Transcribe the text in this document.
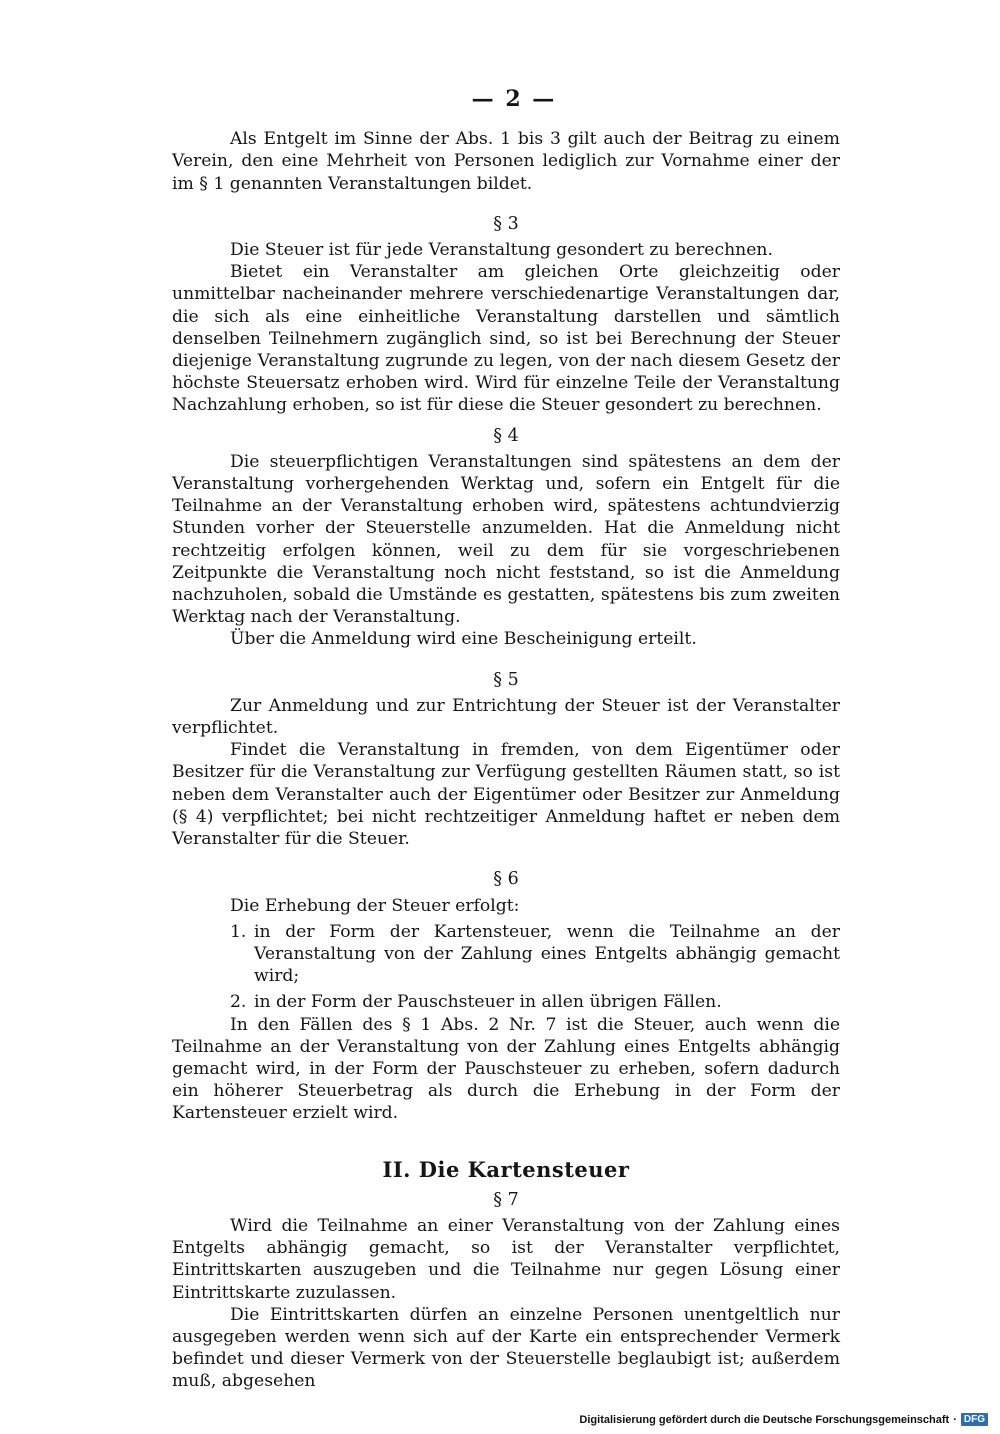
— 2 —

Als Entgelt im Sinne der Abs. 1 bis 3 gilt auch der Beitrag zu einem Verein, den eine Mehrheit von Personen lediglich zur Vornahme einer der im § 1 genannten Veranstaltungen bildet.

§ 3

Die Steuer ist für jede Veranstaltung gesondert zu berechnen.

Bietet ein Veranstalter am gleichen Orte gleichzeitig oder unmittelbar nacheinander mehrere verschiedenartige Veranstaltungen dar, die sich als eine einheitliche Veranstaltung darstellen und sämtlich denselben Teilnehmern zugänglich sind, so ist bei Berechnung der Steuer diejenige Veranstaltung zugrunde zu legen, von der nach diesem Gesetz der höchste Steuersatz erhoben wird. Wird für einzelne Teile der Veranstaltung Nachzahlung erhoben, so ist für diese die Steuer gesondert zu berechnen.

§ 4

Die steuerpflichtigen Veranstaltungen sind spätestens an dem der Veranstaltung vorhergehenden Werktag und, sofern ein Entgelt für die Teilnahme an der Veranstaltung erhoben wird, spätestens achtundvierzig Stunden vorher der Steuerstelle anzumelden. Hat die Anmeldung nicht rechtzeitig erfolgen können, weil zu dem für sie vorgeschriebenen Zeitpunkte die Veranstaltung noch nicht feststand, so ist die Anmeldung nachzuholen, sobald die Umstände es gestatten, spätestens bis zum zweiten Werktag nach der Veranstaltung.

Über die Anmeldung wird eine Bescheinigung erteilt.

§ 5

Zur Anmeldung und zur Entrichtung der Steuer ist der Veranstalter verpflichtet.

Findet die Veranstaltung in fremden, von dem Eigentümer oder Besitzer für die Veranstaltung zur Verfügung gestellten Räumen statt, so ist neben dem Veranstalter auch der Eigentümer oder Besitzer zur Anmeldung (§ 4) verpflichtet; bei nicht rechtzeitiger Anmeldung haftet er neben dem Veranstalter für die Steuer.

§ 6

Die Erhebung der Steuer erfolgt:

1. in der Form der Kartensteuer, wenn die Teilnahme an der Veranstaltung von der Zahlung eines Entgelts abhängig gemacht wird;
2. in der Form der Pauschsteuer in allen übrigen Fällen.

In den Fällen des § 1 Abs. 2 Nr. 7 ist die Steuer, auch wenn die Teilnahme an der Veranstaltung von der Zahlung eines Entgelts abhängig gemacht wird, in der Form der Pauschsteuer zu erheben, sofern dadurch ein höherer Steuerbetrag als durch die Erhebung in der Form der Kartensteuer erzielt wird.

II. Die Kartensteuer
§ 7

Wird die Teilnahme an einer Veranstaltung von der Zahlung eines Entgelts abhängig gemacht, so ist der Veranstalter verpflichtet, Eintrittskarten auszugeben und die Teilnahme nur gegen Lösung einer Eintrittskarte zuzulassen.

Die Eintrittskarten dürfen an einzelne Personen unentgeltlich nur ausgegeben werden wenn sich auf der Karte ein entsprechender Vermerk befindet und dieser Vermerk von der Steuerstelle beglaubigt ist; außerdem muß, abgesehen

Digitalisierung gefördert durch die Deutsche Forschungsgemeinschaft · DFG
